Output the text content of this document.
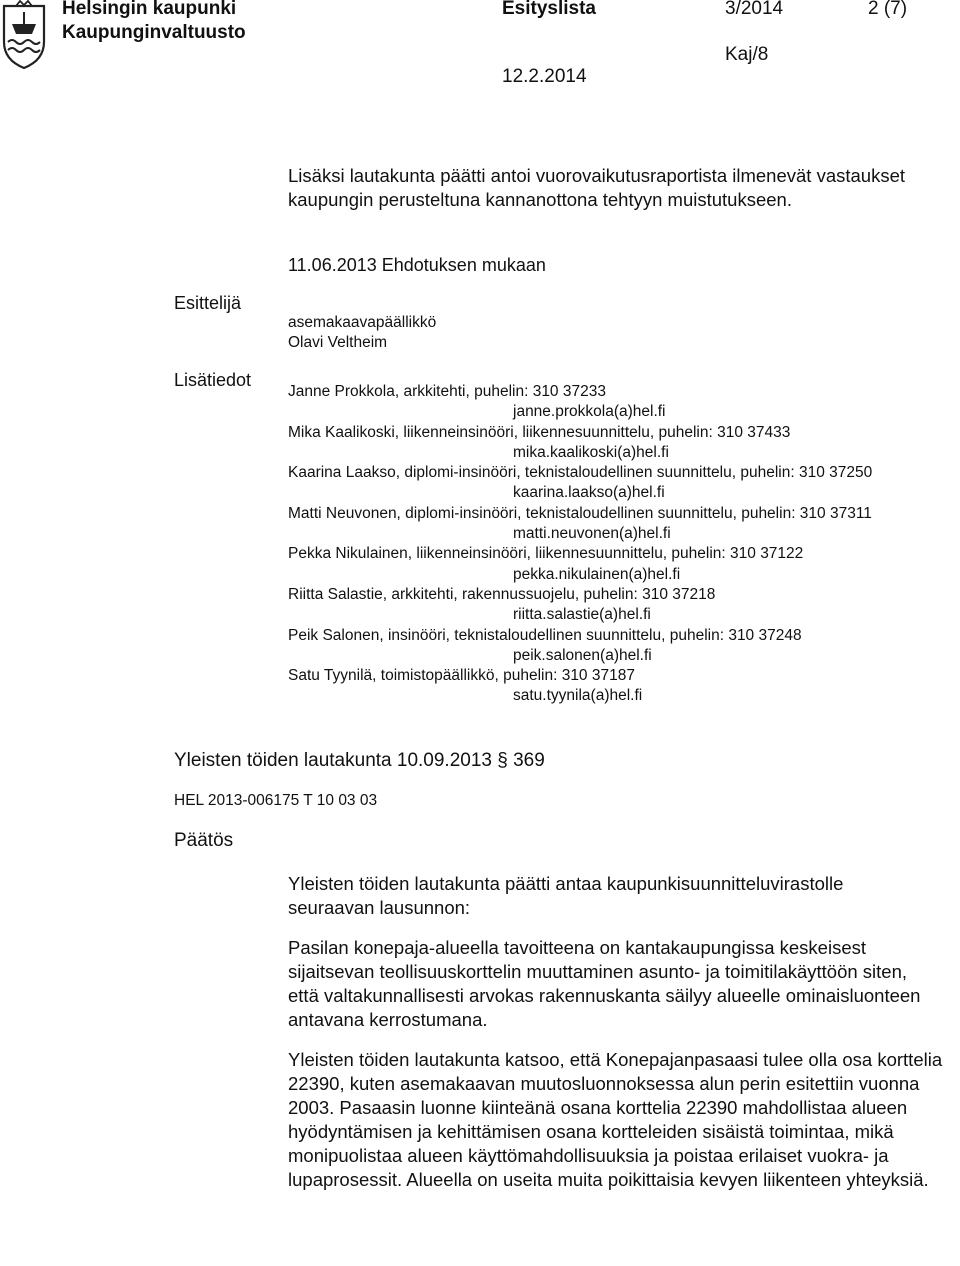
Helsingin kaupunki
Kaupunginvaltuusto
Esityslista	3/2014	2 (7)
Kaj/8
12.2.2014
Lisäksi lautakunta päätti antoi vuorovaikutusraportista ilmenevät vastaukset kaupungin perusteltuna kannanottona tehtyyn muistutukseen.
11.06.2013 Ehdotuksen mukaan
Esittelijä
asemakaavapäällikkö
Olavi Veltheim
Lisätiedot
Janne Prokkola, arkkitehti, puhelin: 310 37233
janne.prokkola(a)hel.fi
Mika Kaalikoski, liikenneinsinööri, liikennesuunnittelu, puhelin: 310 37433
mika.kaalikoski(a)hel.fi
Kaarina Laakso, diplomi-insinööri, teknistaloudellinen suunnittelu, puhelin: 310 37250
kaarina.laakso(a)hel.fi
Matti Neuvonen, diplomi-insinööri, teknistaloudellinen suunnittelu, puhelin: 310 37311
matti.neuvonen(a)hel.fi
Pekka Nikulainen, liikenneinsinööri, liikennesuunnittelu, puhelin: 310 37122
pekka.nikulainen(a)hel.fi
Riitta Salastie, arkkitehti, rakennussuojelu, puhelin: 310 37218
riitta.salastie(a)hel.fi
Peik Salonen, insinööri, teknistaloudellinen suunnittelu, puhelin: 310 37248
peik.salonen(a)hel.fi
Satu Tyynilä, toimistopäällikkö, puhelin: 310 37187
satu.tyynila(a)hel.fi
Yleisten töiden lautakunta 10.09.2013 § 369
HEL 2013-006175 T 10 03 03
Päätös
Yleisten töiden lautakunta päätti antaa kaupunkisuunnitteluvirastolle seuraavan lausunnon:
Pasilan konepaja-alueella tavoitteena on kantakaupungissa keskeisest sijaitsevan teollisuuskorttelin muuttaminen asunto- ja toimitilakäyttöön siten, että valtakunnallisesti arvokas rakennuskanta säilyy alueelle ominaisluonteen antavana kerrostumana.
Yleisten töiden lautakunta katsoo, että Konepajanpasaasi tulee olla osa korttelia 22390, kuten asemakaavan muutosluonnoksessa alun perin esitettiin vuonna 2003. Pasaasin luonne kiinteänä osana korttelia 22390 mahdollistaa alueen hyödyntämisen ja kehittämisen osana kortteleiden sisäistä toimintaa, mikä monipuolistaa alueen käyttömahdollisuuksia ja poistaa erilaiset vuokra- ja lupaprosessit. Alueella on useita muita poikittaisia kevyen liikenteen yhteyksiä.
